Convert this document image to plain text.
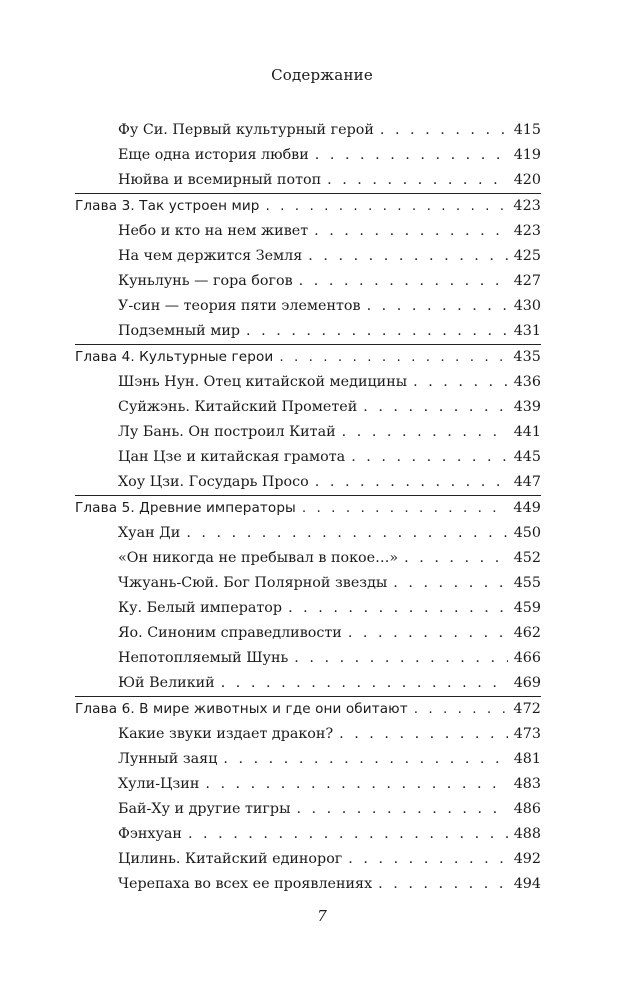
Содержание
Фу Си. Первый культурный герой . . .	415
Еще одна история любви . . .	419
Нюйва и всемирный потоп . . .	420
Глава 3. Так устроен мир . . .	423
Небо и кто на нем живет . . .	423
На чем держится Земля . . .	425
Куньлунь — гора богов . . .	427
У-син — теория пяти элементов . . .	430
Подземный мир . . .	431
Глава 4. Культурные герои . . .	435
Шэнь Нун. Отец китайской медицины . . .	436
Суйжэнь. Китайский Прометей . . .	439
Лу Бань. Он построил Китай . . .	441
Цан Цзе и китайская грамота . . .	445
Хоу Цзи. Государь Просо . . .	447
Глава 5. Древние императоры . . .	449
Хуан Ди . . .	450
«Он никогда не пребывал в покое…» . . .	452
Чжуань-Сюй. Бог Полярной звезды . . .	455
Ку. Белый император . . .	459
Яо. Синоним справедливости . . .	462
Непотопляемый Шунь . . .	466
Юй Великий . . .	469
Глава 6. В мире животных и где они обитают . . .	472
Какие звуки издает дракон? . . .	473
Лунный заяц . . .	481
Хули-Цзин . . .	483
Бай-Ху и другие тигры . . .	486
Фэнхуан . . .	488
Цилинь. Китайский единорог . . .	492
Черепаха во всех ее проявлениях . . .	494
7
